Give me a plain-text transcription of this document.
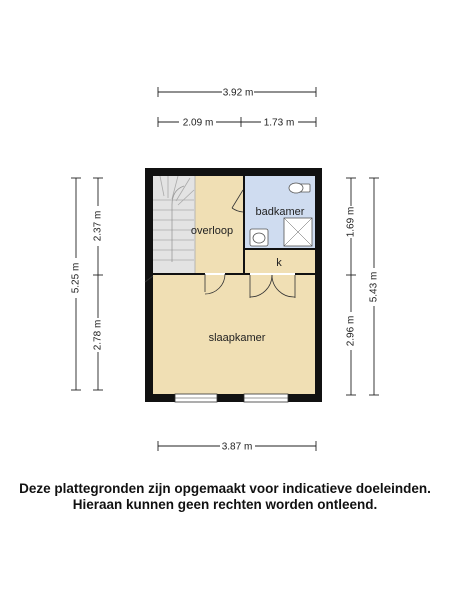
overloop
badkamer
k
slaapkamer
3.92 m
2.09 m	1.73 m
3.87 m
5.25 m
2.37 m
2.78 m
5.43 m
1.69 m
2.96 m
Deze plattegronden zijn opgemaakt voor indicatieve doeleinden.
Hieraan kunnen geen rechten worden ontleend.
